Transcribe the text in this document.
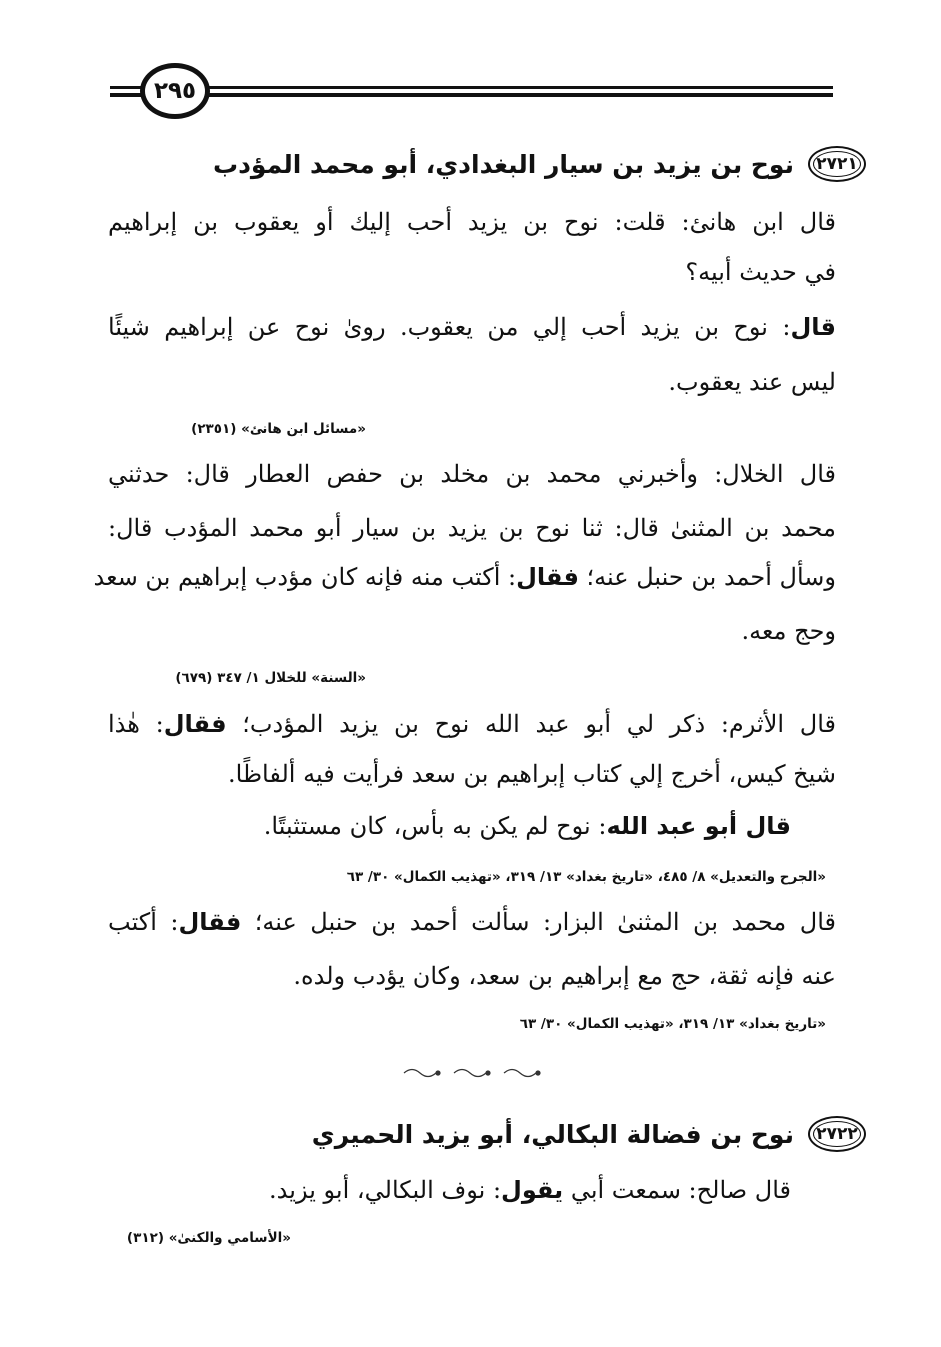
٢٩٥
٢٧٢١
نوح بن يزيد بن سيار البغدادي، أبو محمد المؤدب
قال ابن هانئ: قلت: نوح بن يزيد أحب إليك أو يعقوب بن إبراهيم
في حديث أبيه؟
قال: نوح بن يزيد أحب إلي من يعقوب. روىٰ نوح عن إبراهيم شيئًا
ليس عند يعقوب.
«مسائل ابن هانئ» (٢٣٥١)
قال الخلال: وأخبرني محمد بن مخلد بن حفص العطار قال: حدثني
محمد بن المثنىٰ قال: ثنا نوح بن يزيد بن سيار أبو محمد المؤدب قال:
وسأل أحمد بن حنبل عنه؛ فقال: أكتب منه فإنه كان مؤدب إبراهيم بن سعد
وحج معه.
«السنة» للخلال ١/ ٣٤٧ (٦٧٩)
قال الأثرم: ذكر لي أبو عبد الله نوح بن يزيد المؤدب؛ فقال: هٰذا
شيخ كيس، أخرج إلي كتاب إبراهيم بن سعد فرأيت فيه ألفاظًا.
قال أبو عبد الله: نوح لم يكن به بأس، كان مستثبتًا.
«الجرح والتعديل» ٨/ ٤٨٥، «تاريخ بغداد» ١٣/ ٣١٩، «تهذيب الكمال» ٣٠/ ٦٣
قال محمد بن المثنىٰ البزار: سألت أحمد بن حنبل عنه؛ فقال: أكتب
عنه فإنه ثقة، حج مع إبراهيم بن سعد، وكان يؤدب ولده.
«تاريخ بغداد» ١٣/ ٣١٩، «تهذيب الكمال» ٣٠/ ٦٣
٢٧٢٢
نوح بن فضالة البكالي، أبو يزيد الحميري
قال صالح: سمعت أبي يقول: نوف البكالي، أبو يزيد.
«الأسامي والكنىٰ» (٣١٢)
